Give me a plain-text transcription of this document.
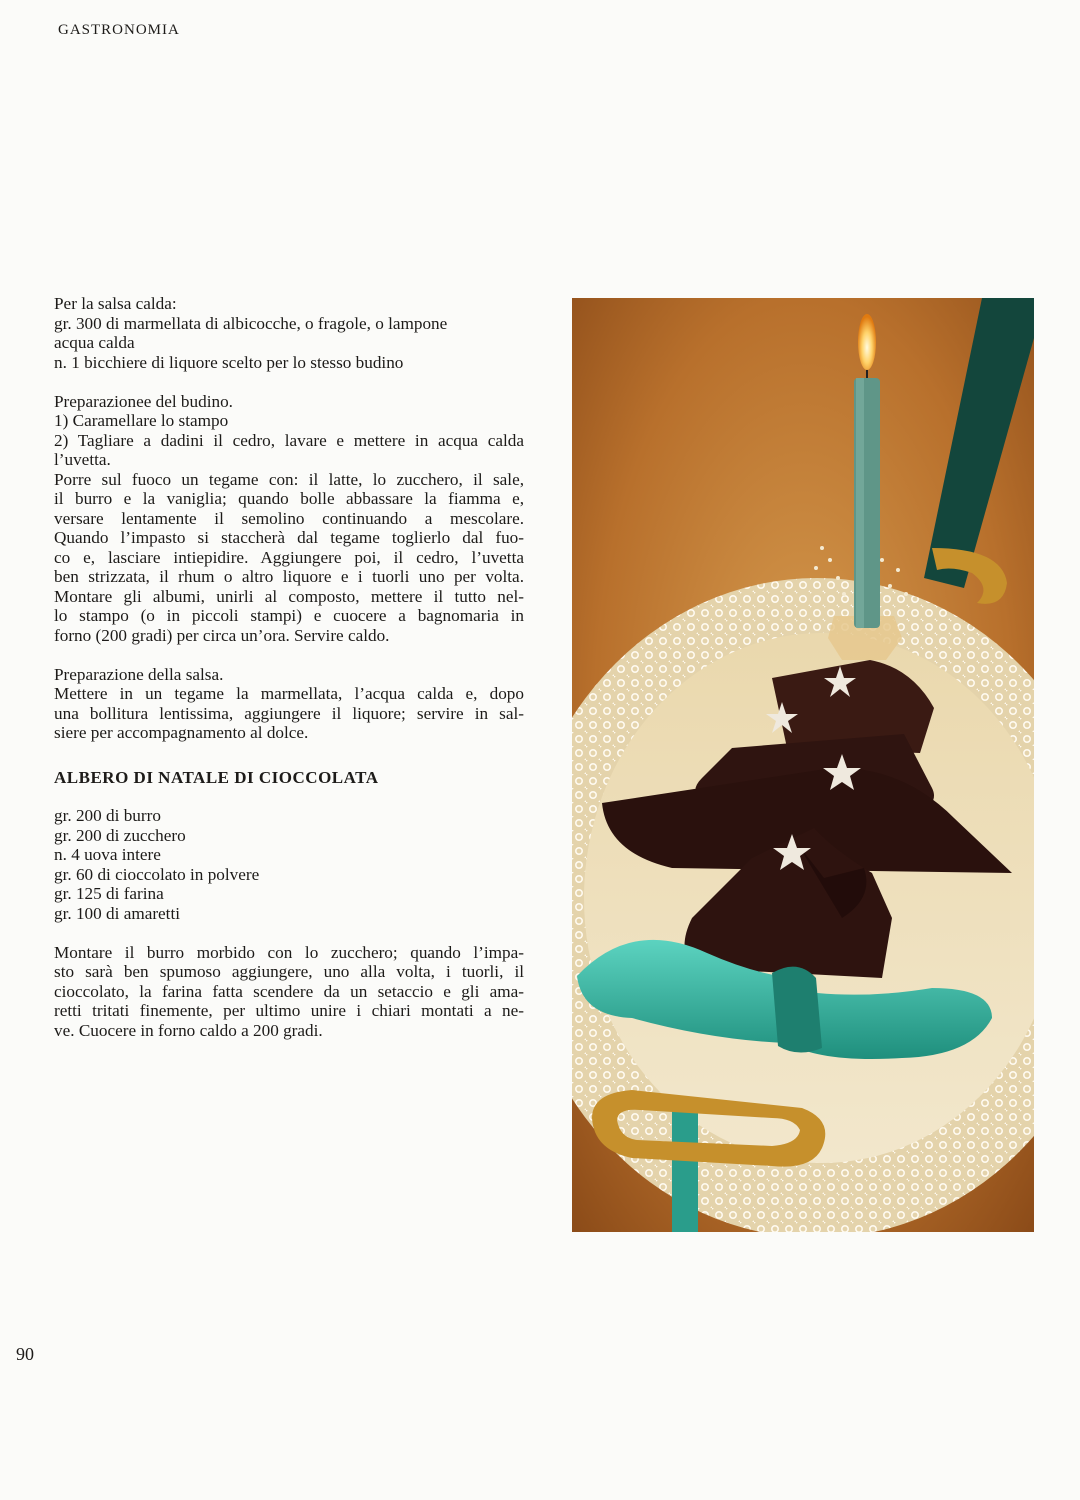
GASTRONOMIA
Per la salsa calda:
gr. 300 di marmellata di albicocche, o fragole, o lampone
acqua calda
n. 1 bicchiere di liquore scelto per lo stesso budino
Preparazionee del budino.
1) Caramellare lo stampo
2) Tagliare a dadini il cedro, lavare e mettere in acqua calda
l’uvetta.
Porre sul fuoco un tegame con: il latte, lo zucchero, il sale,
il burro e la vaniglia; quando bolle abbassare la fiamma e,
versare lentamente il semolino continuando a mescolare.
Quando l’impasto si staccherà dal tegame toglierlo dal fuo-
co e, lasciare intiepidire. Aggiungere poi, il cedro, l’uvetta
ben strizzata, il rhum o altro liquore e i tuorli uno per volta.
Montare gli albumi, unirli al composto, mettere il tutto nel-
lo stampo (o in piccoli stampi) e cuocere a bagnomaria in
forno (200 gradi) per circa un’ora. Servire caldo.
Preparazione della salsa.
Mettere in un tegame la marmellata, l’acqua calda e, dopo
una bollitura lentissima, aggiungere il liquore; servire in sal-
siere per accompagnamento al dolce.
ALBERO DI NATALE DI CIOCCOLATA
gr. 200 di burro
gr. 200 di zucchero
n. 4 uova intere
gr. 60 di cioccolato in polvere
gr. 125 di farina
gr. 100 di amaretti
Montare il burro morbido con lo zucchero; quando l’impa-
sto sarà ben spumoso aggiungere, uno alla volta, i tuorli, il
cioccolato, la farina fatta scendere da un setaccio e gli ama-
retti tritati finemente, per ultimo unire i chiari montati a ne-
ve. Cuocere in forno caldo a 200 gradi.
90
